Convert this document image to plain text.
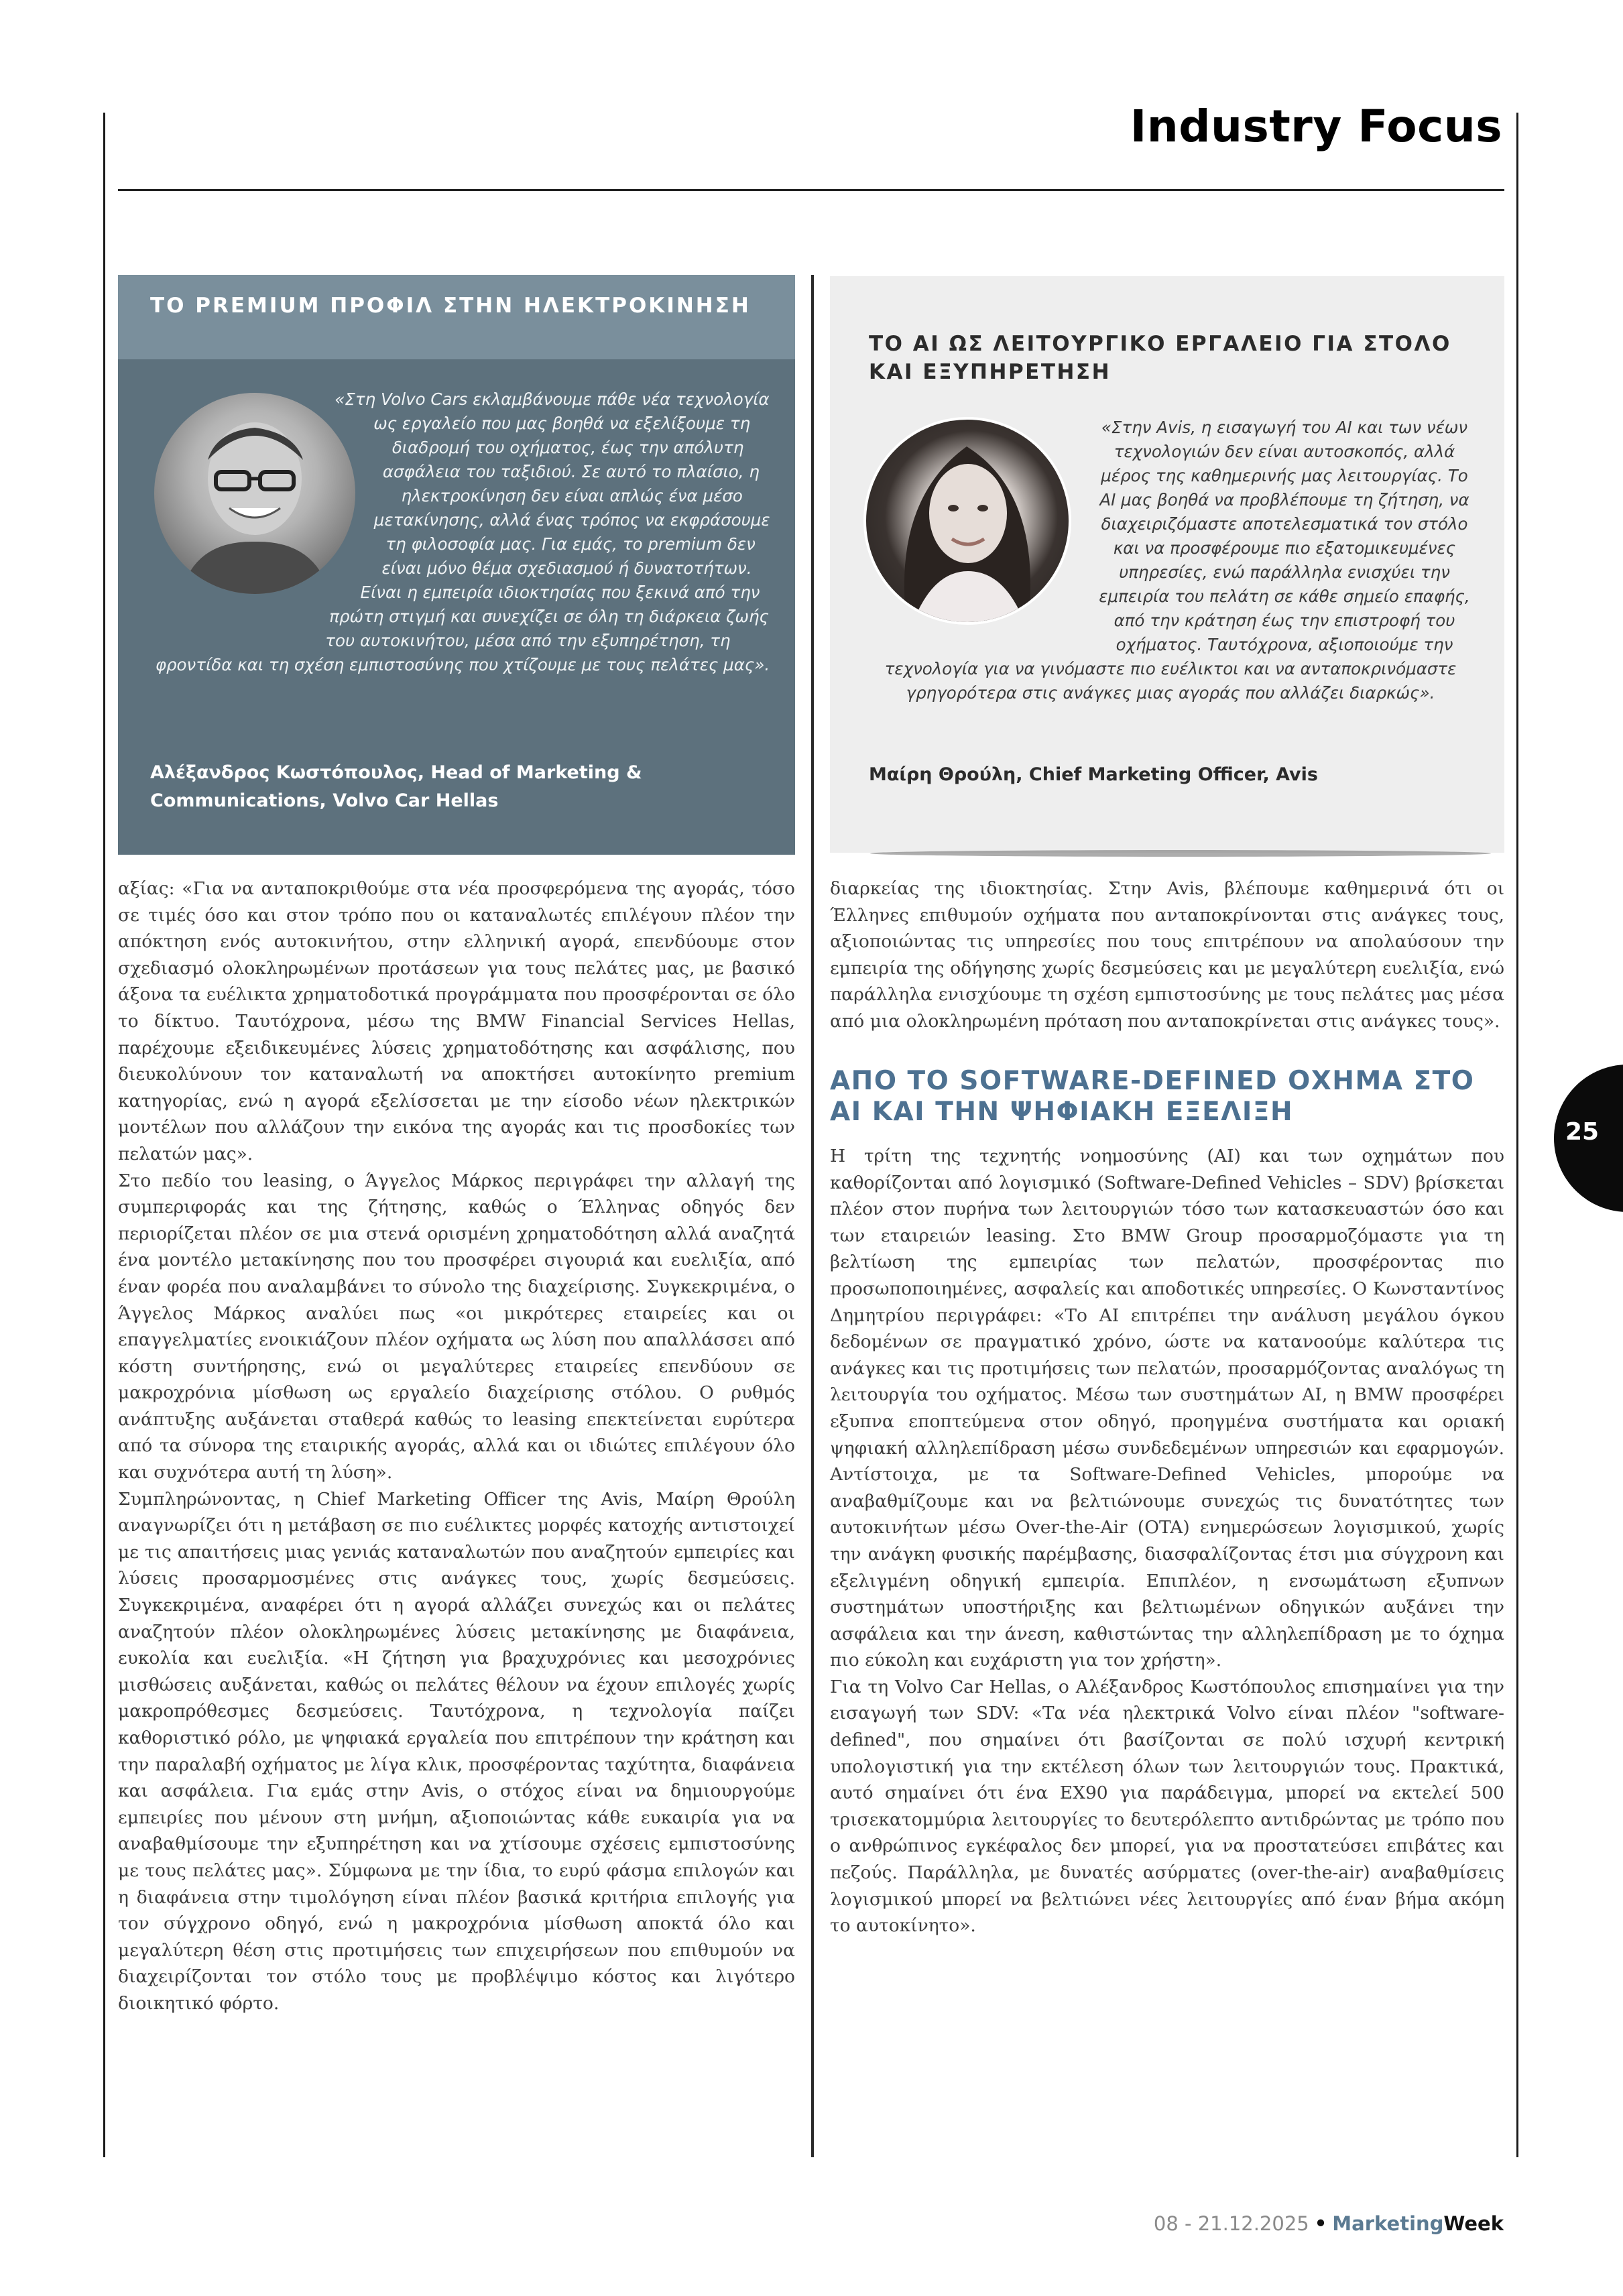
Industry Focus
ΤΟ PREMIUM ΠΡΟΦΙΛ ΣΤΗΝ ΗΛΕΚΤΡΟΚΙΝΗΣΗ

«Στη Volvo Cars εκλαμβάνουμε πάθε νέα τεχνολογία ως εργαλείο που μας βοηθά να εξελίξουμε τη διαδρομή του οχήματος, έως την απόλυτη ασφάλεια του ταξιδιού. Σε αυτό το πλαίσιο, η ηλεκτροκίνηση δεν είναι απλώς ένα μέσο μετακίνησης, αλλά ένας τρόπος να εκφράσουμε τη φιλοσοφία μας. Για εμάς, το premium δεν είναι μόνο θέμα σχεδιασμού ή δυνατοτήτων. Είναι η εμπειρία ιδιοκτησίας που ξεκινά από την πρώτη στιγμή και συνεχίζει σε όλη τη διάρκεια ζωής του αυτοκινήτου, μέσα από την εξυπηρέτηση, τη φροντίδα και τη σχέση εμπιστοσύνης που χτίζουμε με τους πελάτες μας».

Αλέξανδρος Κωστόπουλος, Head of Marketing & Communications, Volvo Car Hellas

ΤΟ AI ΩΣ ΛΕΙΤΟΥΡΓΙΚΟ ΕΡΓΑΛΕΙΟ ΓΙΑ ΣΤΟΛΟ ΚΑΙ ΕΞΥΠΗΡΕΤΗΣΗ

«Στην Avis, η εισαγωγή του AI και των νέων τεχνολογιών δεν είναι αυτοσκοπός, αλλά μέρος της καθημερινής μας λειτουργίας. Το AI μας βοηθά να προβλέπουμε τη ζήτηση, να διαχειριζόμαστε αποτελεσματικά τον στόλο και να προσφέρουμε πιο εξατομικευμένες υπηρεσίες, ενώ παράλληλα ενισχύει την εμπειρία του πελάτη σε κάθε σημείο επαφής, από την κράτηση έως την επιστροφή του οχήματος. Ταυτόχρονα, αξιοποιούμε την τεχνολογία για να γινόμαστε πιο ευέλικτοι και να ανταποκρινόμαστε γρηγορότερα στις ανάγκες μιας αγοράς που αλλάζει διαρκώς».

Μαίρη Θρούλη, Chief Marketing Officer, Avis

αξίας: «Για να ανταποκριθούμε στα νέα προσφερόμενα της αγοράς, τόσο σε τιμές όσο και στον τρόπο που οι καταναλωτές επιλέγουν πλέον την απόκτηση ενός αυτοκινήτου, στην ελληνική αγορά, επενδύουμε στον σχεδιασμό ολοκληρωμένων προτάσεων για τους πελάτες μας, με βασικό άξονα τα ευέλικτα χρηματοδοτικά προγράμματα που προσφέρονται σε όλο το δίκτυο. Ταυτόχρονα, μέσω της BMW Financial Services Hellas, παρέχουμε εξειδικευμένες λύσεις χρηματοδότησης και ασφάλισης, που διευκολύνουν τον καταναλωτή να αποκτήσει αυτοκίνητο premium κατηγορίας, ενώ η αγορά εξελίσσεται με την είσοδο νέων ηλεκτρικών μοντέλων που αλλάζουν την εικόνα της αγοράς και τις προσδοκίες των πελατών μας».

Στο πεδίο του leasing, ο Άγγελος Μάρκος περιγράφει την αλλαγή της συμπεριφοράς και της ζήτησης, καθώς ο Έλληνας οδηγός δεν περιορίζεται πλέον σε μια στενά ορισμένη χρηματοδότηση αλλά αναζητά ένα μοντέλο μετακίνησης που του προσφέρει σιγουριά και ευελιξία, από έναν φορέα που αναλαμβάνει το σύνολο της διαχείρισης. Συγκεκριμένα, ο Άγγελος Μάρκος αναλύει πως «οι μικρότερες εταιρείες και οι επαγγελματίες ενοικιάζουν πλέον οχήματα ως λύση που απαλλάσσει από κόστη συντήρησης, ενώ οι μεγαλύτερες εταιρείες επενδύουν σε μακροχρόνια μίσθωση ως εργαλείο διαχείρισης στόλου. Ο ρυθμός ανάπτυξης αυξάνεται σταθερά καθώς το leasing επεκτείνεται ευρύτερα από τα σύνορα της εταιρικής αγοράς, αλλά και οι ιδιώτες επιλέγουν όλο και συχνότερα αυτή τη λύση».

Συμπληρώνοντας, η Chief Marketing Officer της Avis, Μαίρη Θρούλη αναγνωρίζει ότι η μετάβαση σε πιο ευέλικτες μορφές κατοχής αντιστοιχεί με τις απαιτήσεις μιας γενιάς καταναλωτών που αναζητούν εμπειρίες και λύσεις προσαρμοσμένες στις ανάγκες τους, χωρίς δεσμεύσεις. Συγκεκριμένα, αναφέρει ότι η αγορά αλλάζει συνεχώς και οι πελάτες αναζητούν πλέον ολοκληρωμένες λύσεις μετακίνησης με διαφάνεια, ευκολία και ευελιξία. «Η ζήτηση για βραχυχρόνιες και μεσοχρόνιες μισθώσεις αυξάνεται, καθώς οι πελάτες θέλουν να έχουν επιλογές χωρίς μακροπρόθεσμες δεσμεύσεις. Ταυτόχρονα, η τεχνολογία παίζει καθοριστικό ρόλο, με ψηφιακά εργαλεία που επιτρέπουν την κράτηση και την παραλαβή οχήματος με λίγα κλικ, προσφέροντας ταχύτητα, διαφάνεια και ασφάλεια. Για εμάς στην Avis, ο στόχος είναι να δημιουργούμε εμπειρίες που μένουν στη μνήμη, αξιοποιώντας κάθε ευκαιρία για να αναβαθμίσουμε την εξυπηρέτηση και να χτίσουμε σχέσεις εμπιστοσύνης με τους πελάτες μας». Σύμφωνα με την ίδια, το ευρύ φάσμα επιλογών και η διαφάνεια στην τιμολόγηση είναι πλέον βασικά κριτήρια επιλογής για τον σύγχρονο οδηγό, ενώ η μακροχρόνια μίσθωση αποκτά όλο και μεγαλύτερη θέση στις προτιμήσεις των επιχειρήσεων που επιθυμούν να διαχειρίζονται τον στόλο τους με προβλέψιμο κόστος και λιγότερο διοικητικό φόρτο.

διαρκείας της ιδιοκτησίας. Στην Avis, βλέπουμε καθημερινά ότι οι Έλληνες επιθυμούν οχήματα που ανταποκρίνονται στις ανάγκες τους, αξιοποιώντας τις υπηρεσίες που τους επιτρέπουν να απολαύσουν την εμπειρία της οδήγησης χωρίς δεσμεύσεις και με μεγαλύτερη ευελιξία, ενώ παράλληλα ενισχύουμε τη σχέση εμπιστοσύνης με τους πελάτες μας μέσα από μια ολοκληρωμένη πρόταση που ανταποκρίνεται στις ανάγκες τους».

ΑΠΟ ΤΟ SOFTWARE-DEFINED ΟΧΗΜΑ ΣΤΟ AI ΚΑΙ ΤΗΝ ΨΗΦΙΑΚΗ ΕΞΕΛΙΞΗ

Η τρίτη της τεχνητής νοημοσύνης (AI) και των οχημάτων που καθορίζονται από λογισμικό (Software-Defined Vehicles – SDV) βρίσκεται πλέον στον πυρήνα των λειτουργιών τόσο των κατασκευαστών όσο και των εταιρειών leasing. Στο BMW Group προσαρμοζόμαστε για τη βελτίωση της εμπειρίας των πελατών, προσφέροντας πιο προσωποποιημένες, ασφαλείς και αποδοτικές υπηρεσίες. Ο Κωνσταντίνος Δημητρίου περιγράφει: «Το AI επιτρέπει την ανάλυση μεγάλου όγκου δεδομένων σε πραγματικό χρόνο, ώστε να κατανοούμε καλύτερα τις ανάγκες και τις προτιμήσεις των πελατών, προσαρμόζοντας αναλόγως τη λειτουργία του οχήματος. Μέσω των συστημάτων AI, η BMW προσφέρει εξυπνα εποπτεύμενα στον οδηγό, προηγμένα συστήματα και οριακή ψηφιακή αλληλεπίδραση μέσω συνδεδεμένων υπηρεσιών και εφαρμογών. Αντίστοιχα, με τα Software-Defined Vehicles, μπορούμε να αναβαθμίζουμε και να βελτιώνουμε συνεχώς τις δυνατότητες των αυτοκινήτων μέσω Over-the-Air (OTA) ενημερώσεων λογισμικού, χωρίς την ανάγκη φυσικής παρέμβασης, διασφαλίζοντας έτσι μια σύγχρονη και εξελιγμένη οδηγική εμπειρία. Επιπλέον, η ενσωμάτωση εξυπνων συστημάτων υποστήριξης και βελτιωμένων οδηγικών αυξάνει την ασφάλεια και την άνεση, καθιστώντας την αλληλεπίδραση με το όχημα πιο εύκολη και ευχάριστη για τον χρήστη».

Για τη Volvo Car Hellas, ο Αλέξανδρος Κωστόπουλος επισημαίνει για την εισαγωγή των SDV: «Τα νέα ηλεκτρικά Volvo είναι πλέον "software-defined", που σημαίνει ότι βασίζονται σε πολύ ισχυρή κεντρική υπολογιστική για την εκτέλεση όλων των λειτουργιών τους. Πρακτικά, αυτό σημαίνει ότι ένα EX90 για παράδειγμα, μπορεί να εκτελεί 500 τρισεκατομμύρια λειτουργίες το δευτερόλεπτο αντιδρώντας με τρόπο που ο ανθρώπινος εγκέφαλος δεν μπορεί, για να προστατεύσει επιβάτες και πεζούς. Παράλληλα, με δυνατές ασύρματες (over-the-air) αναβαθμίσεις λογισμικού μπορεί να βελτιώνει νέες λειτουργίες από έναν βήμα ακόμη το αυτοκίνητο».

25
08 - 21.12.2025 • MarketingWeek
